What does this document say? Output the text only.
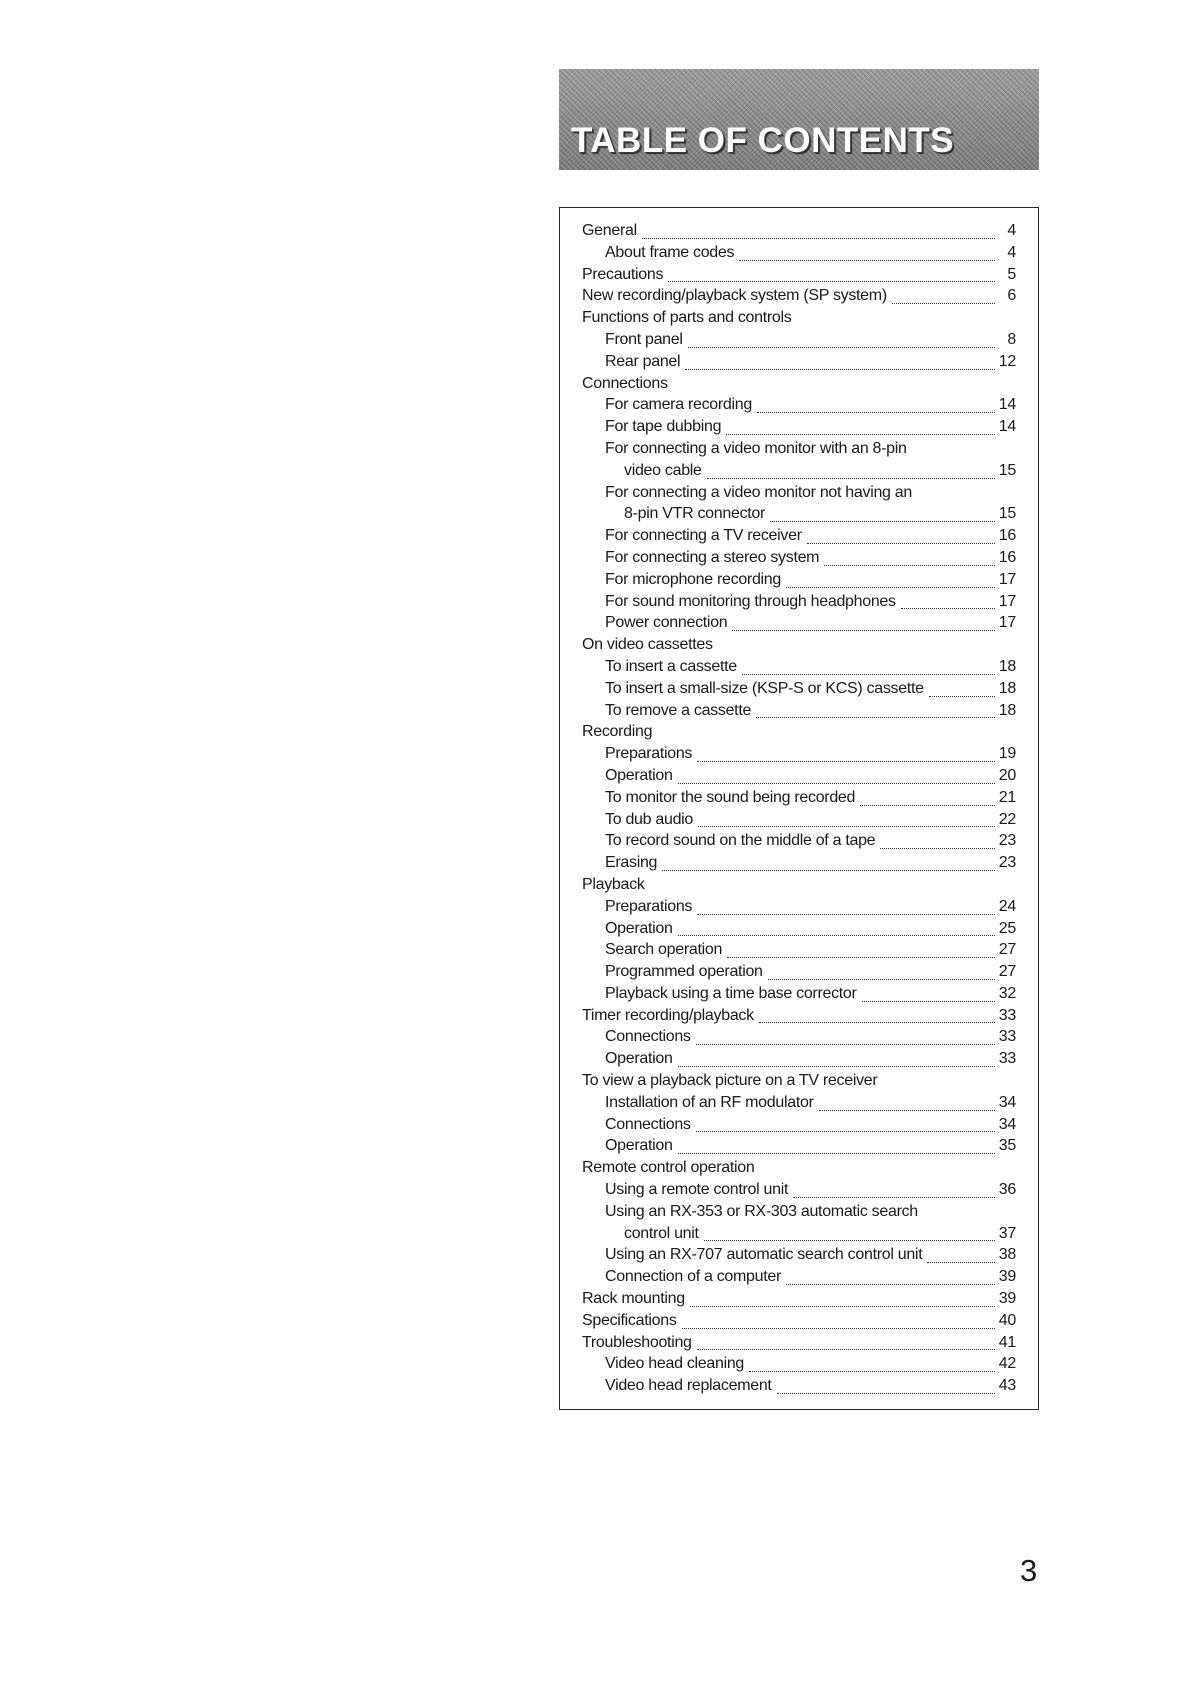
TABLE OF CONTENTS
General	4
About frame codes	4
Precautions	5
New recording/playback system (SP system)	6
Functions of parts and controls
Front panel	8
Rear panel	12
Connections
For camera recording	14
For tape dubbing	14
For connecting a video monitor with an 8-pin
video cable	15
For connecting a video monitor not having an
8-pin VTR connector	15
For connecting a TV receiver	16
For connecting a stereo system	16
For microphone recording	17
For sound monitoring through headphones	17
Power connection	17
On video cassettes
To insert a cassette	18
To insert a small-size (KSP-S or KCS) cassette	18
To remove a cassette	18
Recording
Preparations	19
Operation	20
To monitor the sound being recorded	21
To dub audio	22
To record sound on the middle of a tape	23
Erasing	23
Playback
Preparations	24
Operation	25
Search operation	27
Programmed operation	27
Playback using a time base corrector	32
Timer recording/playback	33
Connections	33
Operation	33
To view a playback picture on a TV receiver
Installation of an RF modulator	34
Connections	34
Operation	35
Remote control operation
Using a remote control unit	36
Using an RX-353 or RX-303 automatic search
control unit	37
Using an RX-707 automatic search control unit	38
Connection of a computer	39
Rack mounting	39
Specifications	40
Troubleshooting	41
Video head cleaning	42
Video head replacement	43
3
